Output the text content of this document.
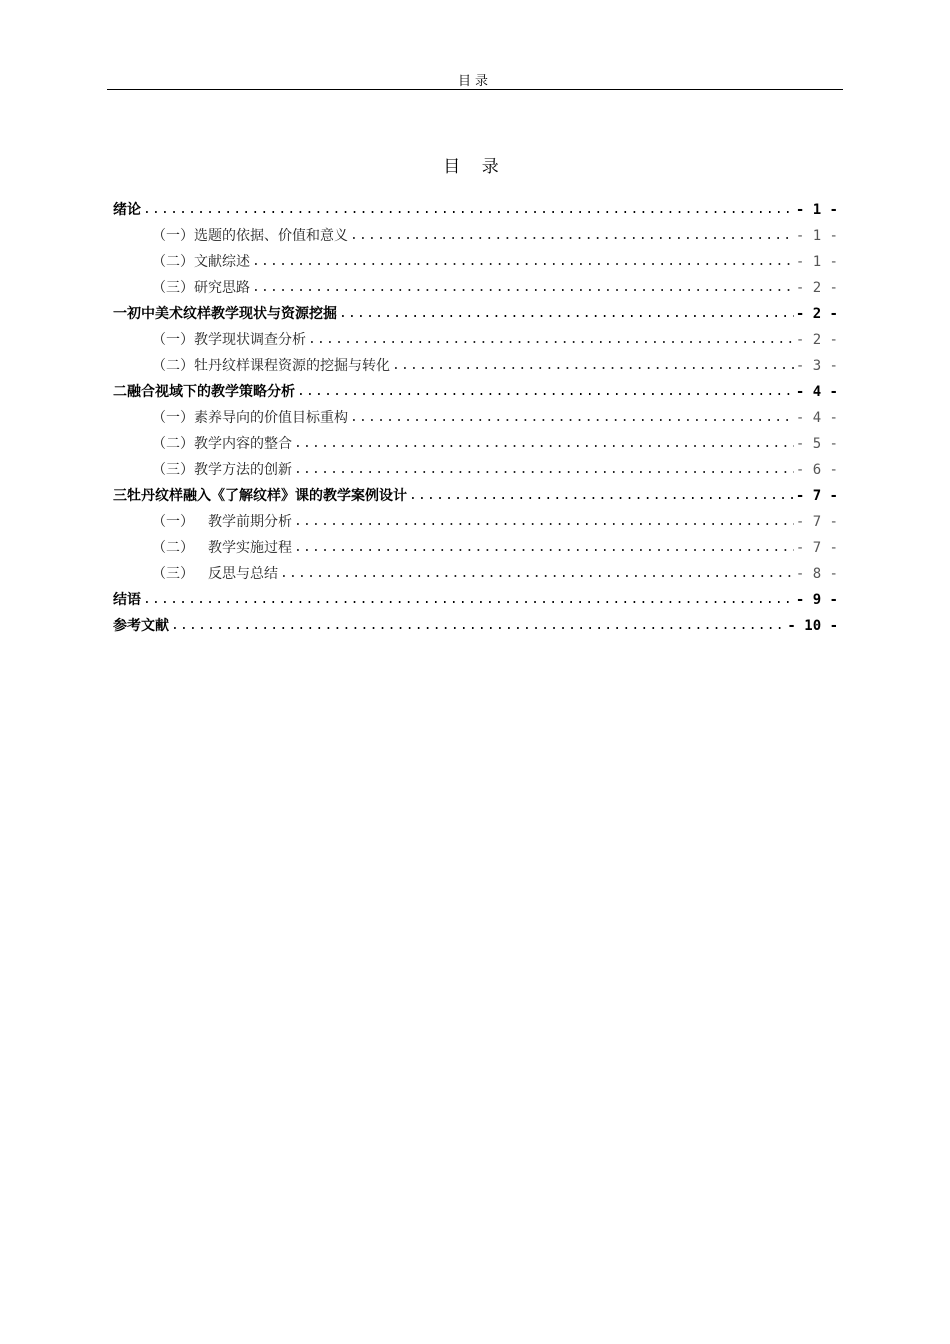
目录
目 录
绪论 .....	- 1 -
（一） 选题的依据、价值和意义 .....	- 1 -
（二） 文献综述 .....	- 1 -
（三） 研究思路 .....	- 2 -
一 初中美术纹样教学现状与资源挖掘 .....	- 2 -
（一） 教学现状调查分析 .....	- 2 -
（二） 牡丹纹样课程资源的挖掘与转化 .....	- 3 -
二 融合视域下的教学策略分析 .....	- 4 -
（一） 素养导向的价值目标重构 .....	- 4 -
（二） 教学内容的整合 .....	- 5 -
（三） 教学方法的创新 .....	- 6 -
三 牡丹纹样融入《了解纹样》课的教学案例设计 .....	- 7 -
（一）	教学前期分析 .....	- 7 -
（二）	教学实施过程 .....	- 7 -
（三）	反思与总结 .....	- 8 -
结语 .....	- 9 -
参考文献 .....	- 10 -
